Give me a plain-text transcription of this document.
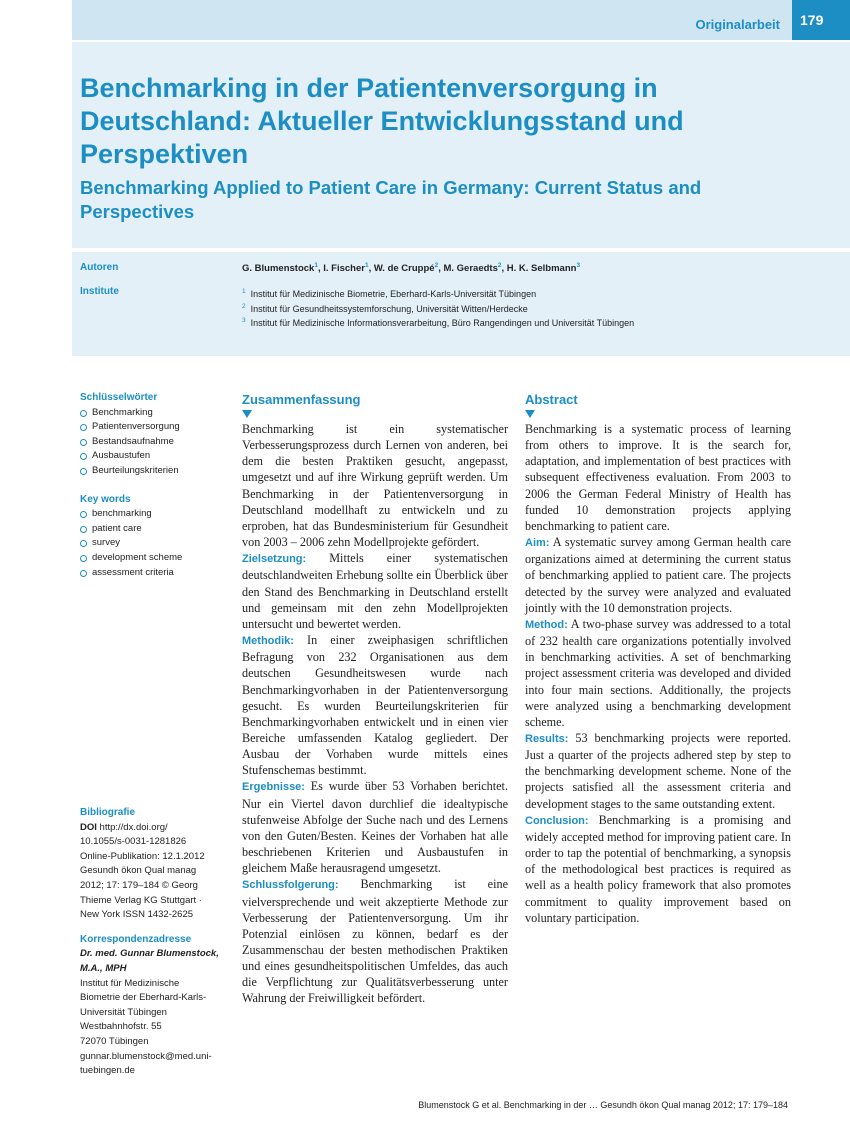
Originalarbeit	179
Benchmarking in der Patientenversorgung in Deutschland: Aktueller Entwicklungsstand und Perspektiven
Benchmarking Applied to Patient Care in Germany: Current Status and Perspectives
Autoren
Institute
G. Blumenstock$^1$, I. Fischer$^1$, W. de Cruppé$^2$, M. Geraedts$^2$, H. K. Selbmann$^3$
$^1$ Institut für Medizinische Biometrie, Eberhard-Karls-Universität Tübingen
$^2$ Institut für Gesundheitssystemforschung, Universität Witten/Herdecke
$^3$ Institut für Medizinische Informationsverarbeitung, Büro Rangendingen und Universität Tübingen
Schlüsselwörter
Benchmarking
Patientenversorgung
Bestandsaufnahme
Ausbaustufen
Beurteilungskriterien
Key words
benchmarking
patient care
survey
development scheme
assessment criteria
Bibliografie
DOI http://dx.doi.org/
10.1055/s-0031-1281826
Online-Publikation: 12.1.2012
Gesundh ökon Qual manag
2012; 17: 179–184 © Georg
Thieme Verlag KG Stuttgart ·
New York ISSN 1432-2625
Korrespondenzadresse
Dr. med. Gunnar Blumenstock,
M.A., MPH
Institut für Medizinische
Biometrie der Eberhard-Karls-
Universität Tübingen
Westbahnhofstr. 55
72070 Tübingen
gunnar.blumenstock@med.uni-
tuebingen.de
Zusammenfassung

Benchmarking ist ein systematischer Verbesserungsprozess durch Lernen von anderen, bei dem die besten Praktiken gesucht, angepasst, umgesetzt und auf ihre Wirkung geprüft werden. Um Benchmarking in der Patientenversorgung in Deutschland modellhaft zu entwickeln und zu erproben, hat das Bundesministerium für Gesundheit von 2003 – 2006 zehn Modellprojekte gefördert.

Zielsetzung: Mittels einer systematischen deutschlandweiten Erhebung sollte ein Überblick über den Stand des Benchmarking in Deutschland erstellt und gemeinsam mit den zehn Modellprojekten untersucht und bewertet werden.

Methodik: In einer zweiphasigen schriftlichen Befragung von 232 Organisationen aus dem deutschen Gesundheitswesen wurde nach Benchmarkingvorhaben in der Patientenversorgung gesucht. Es wurden Beurteilungskriterien für Benchmarkingvorhaben entwickelt und in einen vier Bereiche umfassenden Katalog gegliedert. Der Ausbau der Vorhaben wurde mittels eines Stufenschemas bestimmt.

Ergebnisse: Es wurde über 53 Vorhaben berichtet. Nur ein Viertel davon durchlief die idealtypische stufenweise Abfolge der Suche nach und des Lernens von den Guten/Besten. Keines der Vorhaben hat alle beschriebenen Kriterien und Ausbaustufen in gleichem Maße herausragend umgesetzt.

Schlussfolgerung: Benchmarking ist eine vielversprechende und weit akzeptierte Methode zur Verbesserung der Patientenversorgung. Um ihr Potenzial einlösen zu können, bedarf es der Zusammenschau der besten methodischen Praktiken und eines gesundheitspolitischen Umfeldes, das auch die Verpflichtung zur Qualitätsverbesserung unter Wahrung der Freiwilligkeit befördert.

Abstract

Benchmarking is a systematic process of learning from others to improve. It is the search for, adaptation, and implementation of best practices with subsequent effectiveness evaluation. From 2003 to 2006 the German Federal Ministry of Health has funded 10 demonstration projects applying benchmarking to patient care.

Aim: A systematic survey among German health care organizations aimed at determining the current status of benchmarking applied to patient care. The projects detected by the survey were analyzed and evaluated jointly with the 10 demonstration projects.

Method: A two-phase survey was addressed to a total of 232 health care organizations potentially involved in benchmarking activities. A set of benchmarking project assessment criteria was developed and divided into four main sections. Additionally, the projects were analyzed using a benchmarking development scheme.

Results: 53 benchmarking projects were reported. Just a quarter of the projects adhered step by step to the benchmarking development scheme. None of the projects satisfied all the assessment criteria and development stages to the same outstanding extent.

Conclusion: Benchmarking is a promising and widely accepted method for improving patient care. In order to tap the potential of benchmarking, a synopsis of the methodological best practices is required as well as a health policy framework that also promotes commitment to quality improvement based on voluntary participation.

Blumenstock G et al. Benchmarking in der … Gesundh ökon Qual manag 2012; 17: 179–184
